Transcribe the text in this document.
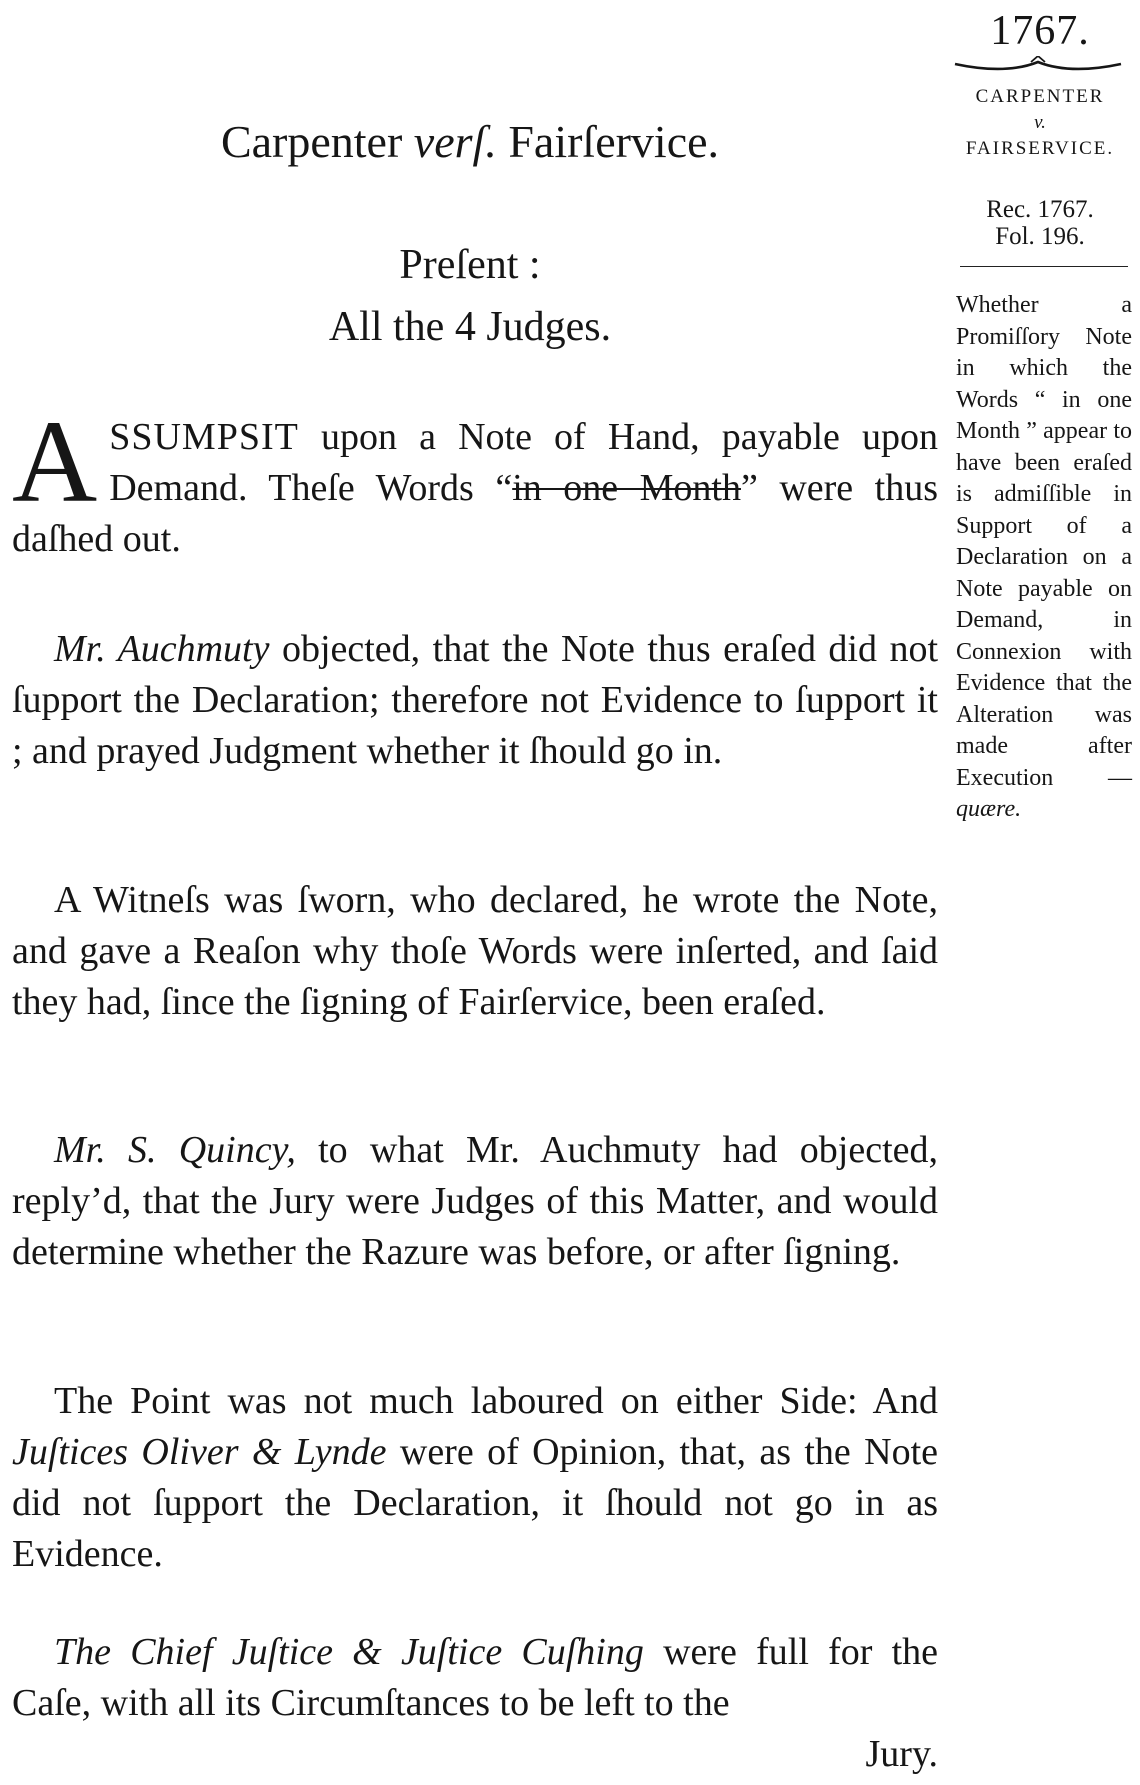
1767.
CARPENTER
v.
FAIRSERVICE.
Rec. 1767.
Fol. 196.
Whether a Promiſſory Note in which the Words “ in one Month ” appear to have been eraſed is admiſſible in Support of a Declaration on a Note payable on Demand, in Connexion with Evidence that the Alteration was made after Execution — quære.
Carpenter verſ. Fairſervice.
Preſent :
All the 4 Judges.

A SSUMPSIT upon a Note of Hand, payable upon Demand. Theſe Words “in one Month” were thus daſhed out.

Mr. Auchmuty objected, that the Note thus eraſed did not ſupport the Declaration; therefore not Evidence to ſupport it ; and prayed Judgment whether it ſhould go in.

A Witneſs was ſworn, who declared, he wrote the Note, and gave a Reaſon why thoſe Words were inſerted, and ſaid they had, ſince the ſigning of Fairſervice, been eraſed.

Mr. S. Quincy, to what Mr. Auchmuty had objected, reply’d, that the Jury were Judges of this Matter, and would determine whether the Razure was before, or after ſigning.

The Point was not much laboured on either Side: And Juſtices Oliver & Lynde were of Opinion, that, as the Note did not ſupport the Declaration, it ſhould not go in as Evidence.

The Chief Juſtice & Juſtice Cuſhing were full for the Caſe, with all its Circumſtances to be left to the
Jury.
